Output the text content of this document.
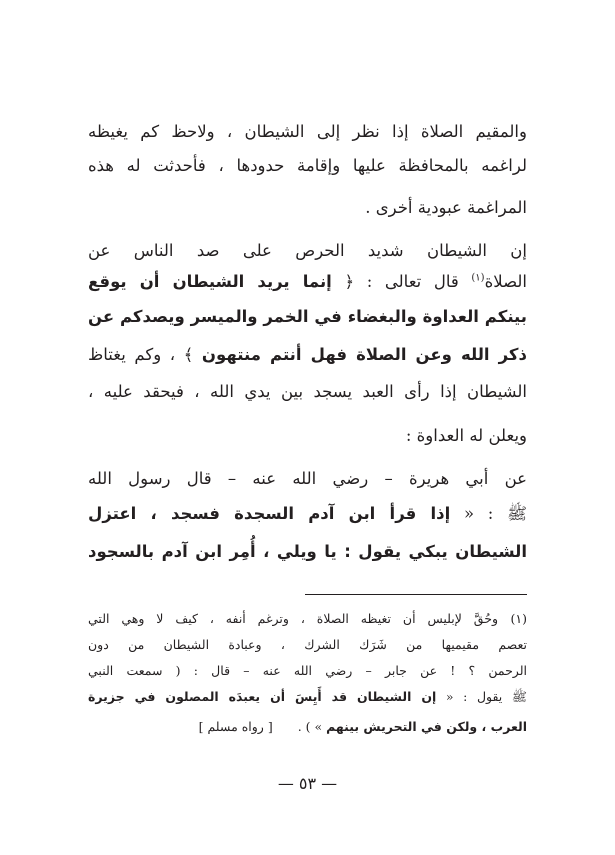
والمقيم الصلاة إذا نظر إلى الشيطان ، ولاحظ كم يغيظه
لراغمه بالمحافظة عليها وإقامة حدودها ، فأحدثت له هذه
المراغمة عبودية أخرى .
إن الشيطان شديد الحرص على صد الناس عن
الصلاة$^{(١)}$ قال تعالى : ﴿ إنما يريد الشيطان أن يوقع
بينكم العداوة والبغضاء في الخمر والميسر ويصدكم عن
ذكر الله وعن الصلاة فهل أنتم منتهون ﴾ ، وكم يغتاظ
الشيطان إذا رأى العبد يسجد بين يدي الله ، فيحقد عليه ،
ويعلن له العداوة :
عن أبي هريرة – رضي الله عنه – قال رسول الله
ﷺ : « إذا قرأ ابن آدم السجدة فسجد ، اعتزل
الشيطان يبكي يقول : يا ويلي ، أُمِر ابن آدم بالسجود
(١) وحُقَّ لإبليس أن تغيظه الصلاة ، وترغم أنفه ، كيف لا وهي التي
تعصم مقيميها من شَرَك الشرك ، وعبادة الشيطان من دون
الرحمن ؟ ! عن جابر – رضي الله عنه – قال : ( سمعت النبي
ﷺ يقول : « إن الشيطان قد أَيِسَ أن يعبدَه المصلون في جزيرة
العرب ، ولكن في التحريش بينهم » ) .  [ رواه مسلم ]
— ٥٣ —
